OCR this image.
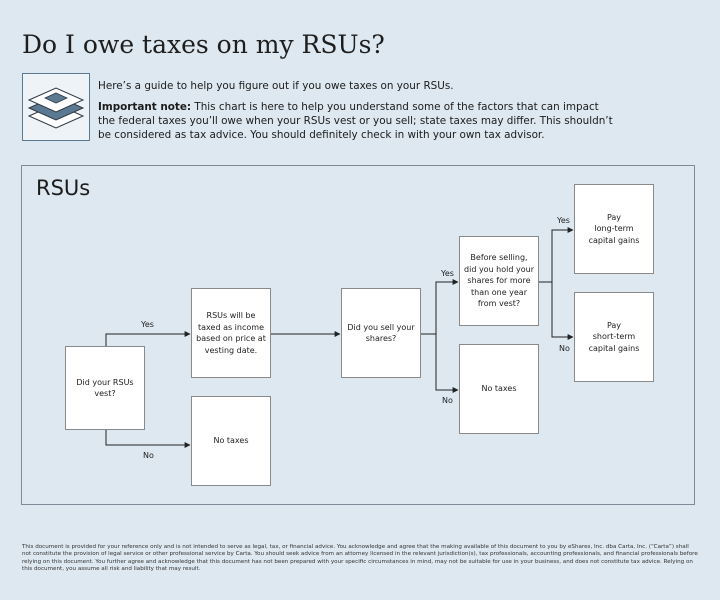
Do I owe taxes on my RSUs?

Here’s a guide to help you figure out if you owe taxes on your RSUs.

Important note: This chart is here to help you understand some of the factors that can impact the federal taxes you’ll owe when your RSUs vest or you sell; state taxes may differ. This shouldn’t be considered as tax advice. You should definitely check in with your own tax advisor.

RSUs
Did your RSUs vest?
RSUs will be taxed as income based on price at vesting date.
No taxes
Did you sell your shares?
Before selling, did you hold your shares for more than one year from vest?
No taxes
Pay
long-term
capital gains
Pay
short-term
capital gains
Yes
No
Yes
No
Yes
No

This document is provided for your reference only and is not intended to serve as legal, tax, or financial advice. You acknowledge and agree that the making available of this document to you by eShares, Inc. dba Carta, Inc. (“Carta”) shall not constitute the provision of legal service or other professional service by Carta. You should seek advice from an attorney licensed in the relevant jurisdiction(s), tax professionals, accounting professionals, and financial professionals before relying on this document. You further agree and acknowledge that this document has not been prepared with your specific circumstances in mind, may not be suitable for use in your business, and does not constitute tax advice. Relying on this document, you assume all risk and liability that may result.
